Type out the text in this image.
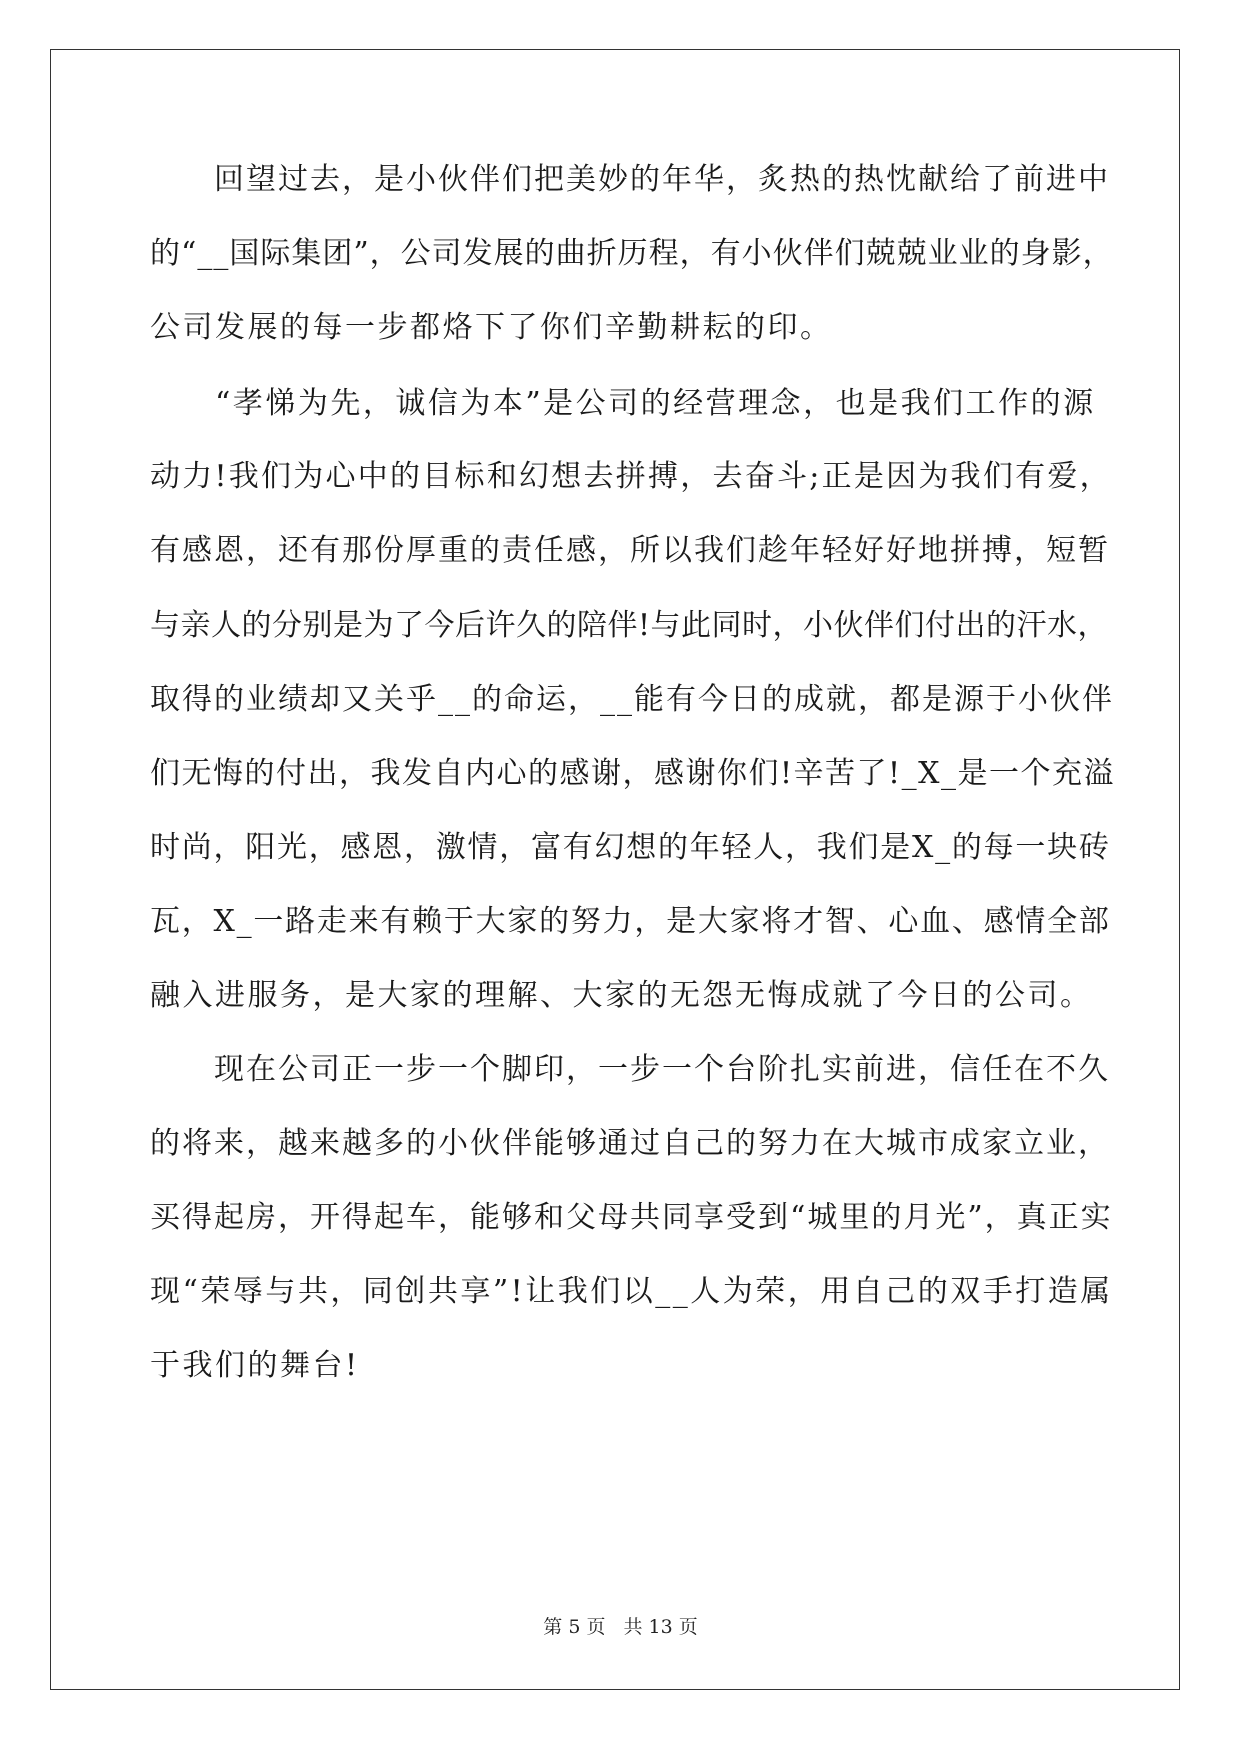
　　回望过去，是小伙伴们把美妙的年华，炙热的热忱献给了前进中
的“__国际集团”，公司发展的曲折历程，有小伙伴们兢兢业业的身影，
公司发展的每一步都烙下了你们辛勤耕耘的印。
　　“孝悌为先，诚信为本”是公司的经营理念，也是我们工作的源
动力!我们为心中的目标和幻想去拼搏，去奋斗;正是因为我们有爱，
有感恩，还有那份厚重的责任感，所以我们趁年轻好好地拼搏，短暂
与亲人的分别是为了今后许久的陪伴!与此同时，小伙伴们付出的汗水，
取得的业绩却又关乎__的命运，__能有今日的成就，都是源于小伙伴
们无悔的付出，我发自内心的感谢，感谢你们!辛苦了!_X_是一个充溢
时尚，阳光，感恩，激情，富有幻想的年轻人，我们是X_的每一块砖
瓦，X_一路走来有赖于大家的努力，是大家将才智、心血、感情全部
融入进服务，是大家的理解、大家的无怨无悔成就了今日的公司。
　　现在公司正一步一个脚印，一步一个台阶扎实前进，信任在不久
的将来，越来越多的小伙伴能够通过自己的努力在大城市成家立业，
买得起房，开得起车，能够和父母共同享受到“城里的月光”，真正实
现“荣辱与共，同创共享”!让我们以__人为荣，用自己的双手打造属
于我们的舞台!
第 5 页 共 13 页
